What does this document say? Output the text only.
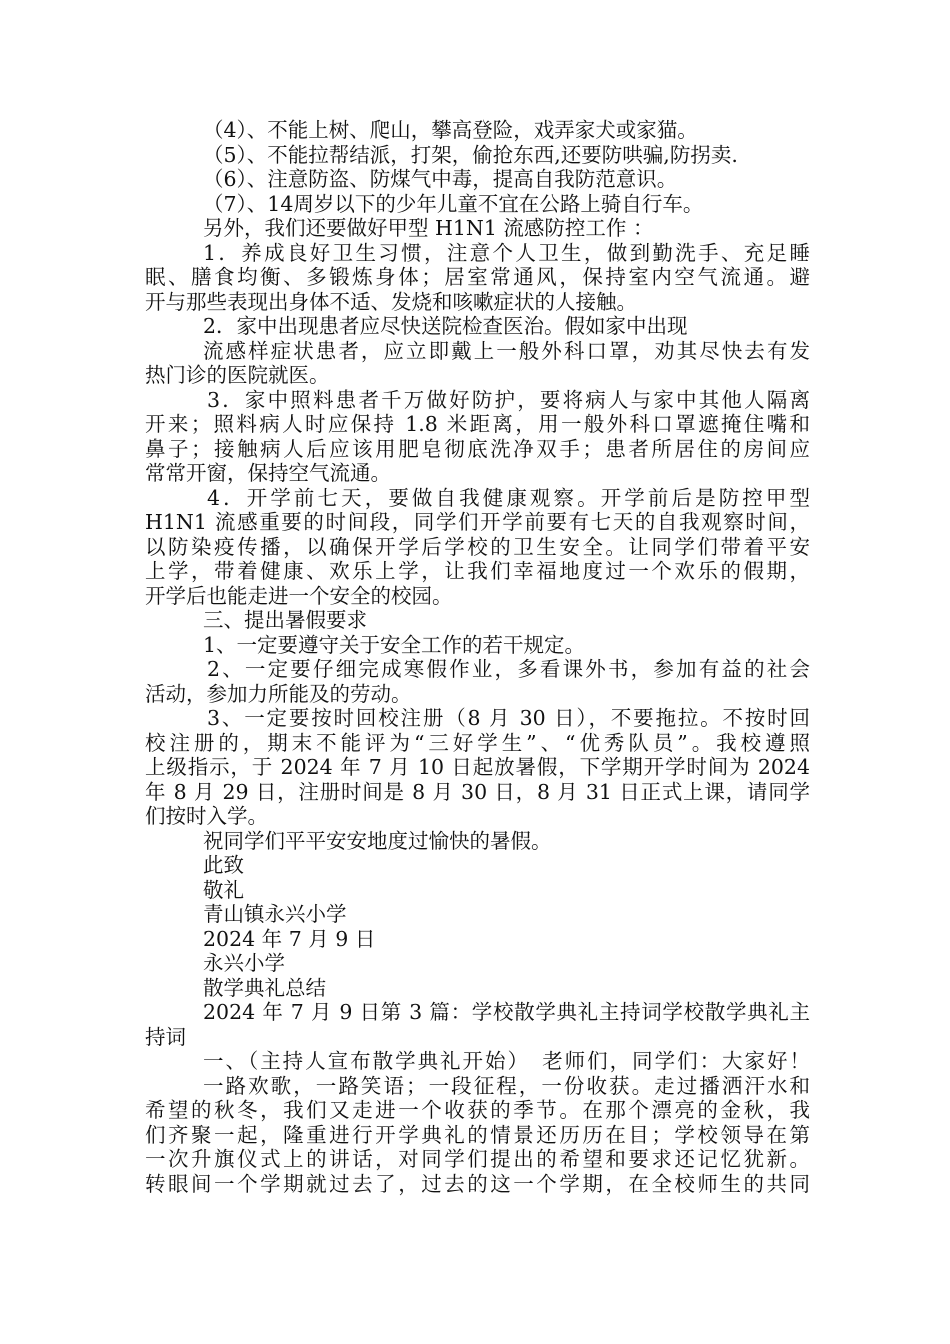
（4）、不能上树、爬山，攀高登险，戏弄家犬或家猫。
（5）、不能拉帮结派，打架，偷抢东西,还要防哄骗,防拐卖.
（6）、注意防盗、防煤气中毒，提高自我防范意识。
（7）、14周岁以下的少年儿童不宜在公路上骑自行车。
另外，我们还要做好甲型 H1N1 流感防控工作 ：
1．养成良好卫生习惯，注意个人卫生，做到勤洗手、充足睡
眠、膳食均衡、多锻炼身体；居室常通风，保持室内空气流通。避
开与那些表现出身体不适、发烧和咳嗽症状的人接触。
2．家中出现患者应尽快送院检查医治。假如家中出现
流感样症状患者，应立即戴上一般外科口罩，劝其尽快去有发
热门诊的医院就医。
3．家中照料患者千万做好防护，要将病人与家中其他人隔离
开来；照料病人时应保持 1.8 米距离，用一般外科口罩遮掩住嘴和
鼻子；接触病人后应该用肥皂彻底洗净双手；患者所居住的房间应
常常开窗，保持空气流通。
4．开学前七天，要做自我健康观察。开学前后是防控甲型
H1N1 流感重要的时间段，同学们开学前要有七天的自我观察时间，
以防染疫传播，以确保开学后学校的卫生安全。让同学们带着平安
上学，带着健康、欢乐上学，让我们幸福地度过一个欢乐的假期，
开学后也能走进一个安全的校园。
三、提出暑假要求
1、一定要遵守关于安全工作的若干规定。
2、一定要仔细完成寒假作业，多看课外书，参加有益的社会
活动，参加力所能及的劳动。
3、一定要按时回校注册（8 月 30 日），不要拖拉。不按时回
校注册的，期末不能评为“三好学生”、“优秀队员”。我校遵照
上级指示，于 2024 年 7 月 10 日起放暑假，下学期开学时间为 2024
年 8 月 29 日，注册时间是 8 月 30 日，8 月 31 日正式上课，请同学
们按时入学。
祝同学们平平安安地度过愉快的暑假。
此致
敬礼
青山镇永兴小学
2024 年 7 月 9 日
永兴小学
散学典礼总结
2024 年 7 月 9 日第 3 篇：学校散学典礼主持词学校散学典礼主
持词
一、（主持人宣布散学典礼开始）　老师们，同学们：大家好！
一路欢歌，一路笑语；一段征程，一份收获。走过播洒汗水和
希望的秋冬，我们又走进一个收获的季节。在那个漂亮的金秋，我
们齐聚一起，隆重进行开学典礼的情景还历历在目；学校领导在第
一次升旗仪式上的讲话，对同学们提出的希望和要求还记忆犹新。
转眼间一个学期就过去了，过去的这一个学期，在全校师生的共同
